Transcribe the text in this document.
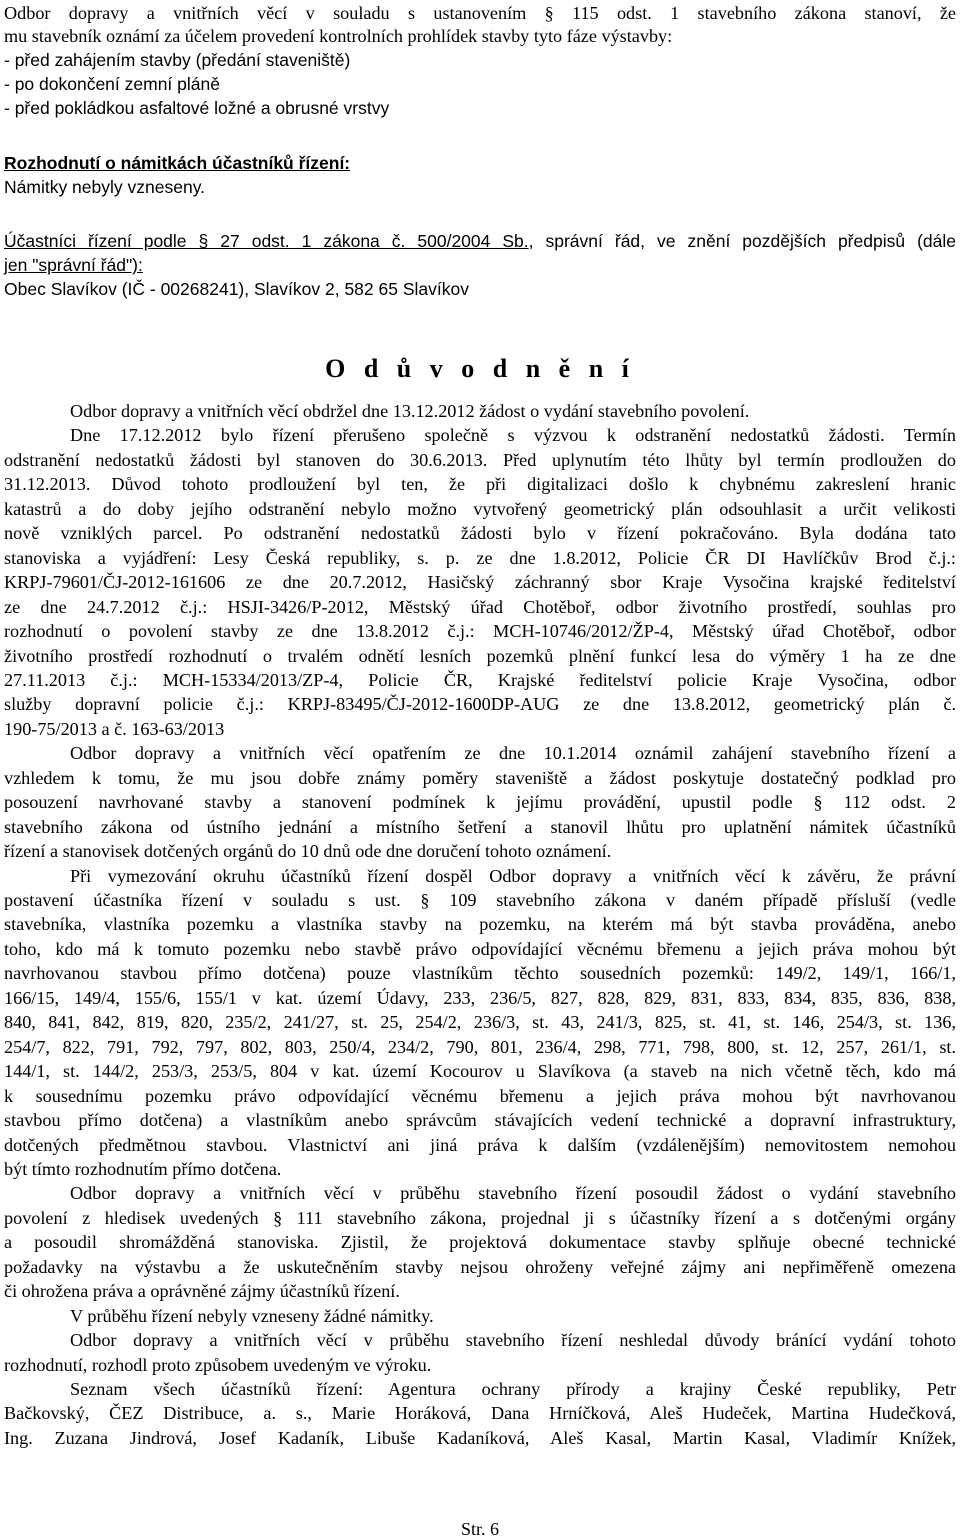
Odbor dopravy a vnitřních věcí v souladu s ustanovením § 115 odst. 1 stavebního zákona stanoví, že
mu stavebník oznámí za účelem provedení kontrolních prohlídek stavby tyto fáze výstavby:
- před zahájením stavby (předání staveniště)
- po dokončení zemní pláně
- před pokládkou asfaltové ložné a obrusné vrstvy
Rozhodnutí o námitkách účastníků řízení:
Námitky nebyly vzneseny.
Účastníci řízení podle § 27 odst. 1 zákona č. 500/2004 Sb., správní řád, ve znění pozdějších předpisů (dále
jen "správní řád"):
Obec Slavíkov (IČ - 00268241), Slavíkov 2, 582 65 Slavíkov
O d ů v o d n ě n í
Odbor dopravy a vnitřních věcí obdržel dne 13.12.2012 žádost o vydání stavebního povolení.
Dne 17.12.2012 bylo řízení přerušeno společně s výzvou k odstranění nedostatků žádosti. Termín
odstranění nedostatků žádosti byl stanoven do 30.6.2013. Před uplynutím této lhůty byl termín prodloužen do
31.12.2013. Důvod tohoto prodloužení byl ten, že při digitalizaci došlo k chybnému zakreslení hranic
katastrů a do doby jejího odstranění nebylo možno vytvořený geometrický plán odsouhlasit a určit velikosti
nově vzniklých parcel. Po odstranění nedostatků žádosti bylo v řízení pokračováno. Byla dodána tato
stanoviska a vyjádření: Lesy Česká republiky, s. p. ze dne 1.8.2012, Policie ČR DI Havlíčkův Brod č.j.:
KRPJ-79601/ČJ-2012-161606 ze dne 20.7.2012, Hasičský záchranný sbor Kraje Vysočina krajské ředitelství
ze dne 24.7.2012 č.j.: HSJI-3426/P-2012, Městský úřad Chotěboř, odbor životního prostředí, souhlas pro
rozhodnutí o povolení stavby ze dne 13.8.2012 č.j.: MCH-10746/2012/ŽP-4, Městský úřad Chotěboř, odbor
životního prostředí rozhodnutí o trvalém odnětí lesních pozemků plnění funkcí lesa do výměry 1 ha ze dne
27.11.2013 č.j.: MCH-15334/2013/ZP-4, Policie ČR, Krajské ředitelství policie Kraje Vysočina, odbor
služby dopravní policie č.j.: KRPJ-83495/ČJ-2012-1600DP-AUG ze dne 13.8.2012, geometrický plán č.
190-75/2013 a č. 163-63/2013
Odbor dopravy a vnitřních věcí opatřením ze dne 10.1.2014 oznámil zahájení stavebního řízení a
vzhledem k tomu, že mu jsou dobře známy poměry staveniště a žádost poskytuje dostatečný podklad pro
posouzení navrhované stavby a stanovení podmínek k jejímu provádění, upustil podle § 112 odst. 2
stavebního zákona od ústního jednání a místního šetření a stanovil lhůtu pro uplatnění námitek účastníků
řízení a stanovisek dotčených orgánů do 10 dnů ode dne doručení tohoto oznámení.
Při vymezování okruhu účastníků řízení dospěl Odbor dopravy a vnitřních věcí k závěru, že právní
postavení účastníka řízení v souladu s ust. § 109 stavebního zákona v daném případě přísluší (vedle
stavebníka, vlastníka pozemku a vlastníka stavby na pozemku, na kterém má být stavba prováděna, anebo
toho, kdo má k tomuto pozemku nebo stavbě právo odpovídající věcnému břemenu a jejich práva mohou být
navrhovanou stavbou přímo dotčena) pouze vlastníkům těchto sousedních pozemků: 149/2, 149/1, 166/1,
166/15, 149/4, 155/6, 155/1 v kat. území Údavy, 233, 236/5, 827, 828, 829, 831, 833, 834, 835, 836, 838,
840, 841, 842, 819, 820, 235/2, 241/27, st. 25, 254/2, 236/3, st. 43, 241/3, 825, st. 41, st. 146, 254/3, st. 136,
254/7, 822, 791, 792, 797, 802, 803, 250/4, 234/2, 790, 801, 236/4, 298, 771, 798, 800, st. 12, 257, 261/1, st.
144/1, st. 144/2, 253/3, 253/5, 804 v kat. území Kocourov u Slavíkova (a staveb na nich včetně těch, kdo má
k sousednímu pozemku právo odpovídající věcnému břemenu a jejich práva mohou být navrhovanou
stavbou přímo dotčena) a vlastníkům anebo správcům stávajících vedení technické a dopravní infrastruktury,
dotčených předmětnou stavbou. Vlastnictví ani jiná práva k dalším (vzdálenějším) nemovitostem nemohou
být tímto rozhodnutím přímo dotčena.
Odbor dopravy a vnitřních věcí v průběhu stavebního řízení posoudil žádost o vydání stavebního
povolení z hledisek uvedených § 111 stavebního zákona, projednal ji s účastníky řízení a s dotčenými orgány
a posoudil shromážděná stanoviska. Zjistil, že projektová dokumentace stavby splňuje obecné technické
požadavky na výstavbu a že uskutečněním stavby nejsou ohroženy veřejné zájmy ani nepřiměřeně omezena
či ohrožena práva a oprávněné zájmy účastníků řízení.
V průběhu řízení nebyly vzneseny žádné námitky.
Odbor dopravy a vnitřních věcí v průběhu stavebního řízení neshledal důvody bránící vydání tohoto
rozhodnutí, rozhodl proto způsobem uvedeným ve výroku.
Seznam všech účastníků řízení: Agentura ochrany přírody a krajiny České republiky, Petr
Bačkovský, ČEZ Distribuce, a. s., Marie Horáková, Dana Hrníčková, Aleš Hudeček, Martina Hudečková,
Ing. Zuzana Jindrová, Josef Kadaník, Libuše Kadaníková, Aleš Kasal, Martin Kasal, Vladimír Knížek,
Str. 6
